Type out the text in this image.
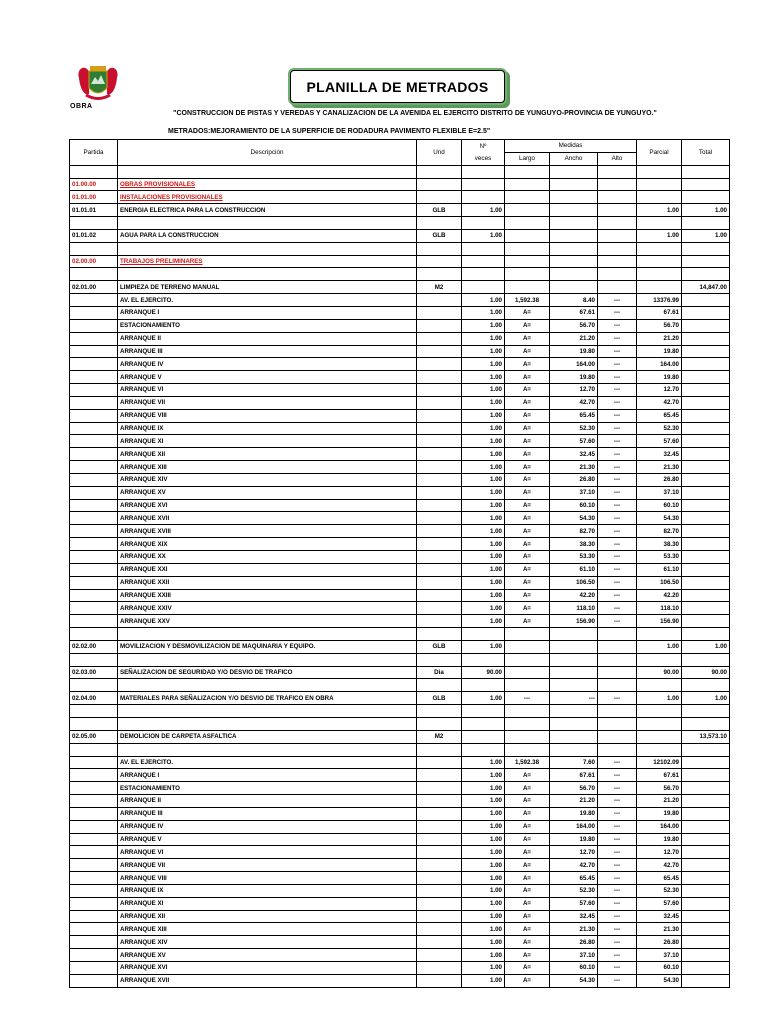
OBRA
PLANILLA DE METRADOS
"CONSTRUCCION DE PISTAS Y VEREDAS Y CANALIZACION DE LA AVENIDA EL EJERCITO DISTRITO DE YUNGUYO-PROVINCIA DE YUNGUYO."
METRADOS:MEJORAMIENTO DE LA SUPERFICIE DE RODADURA PAVIMENTO FLEXIBLE E=2.5"
Partida	Descripción	Und	Nº	Medidas			Parcial	Total
			veces	Largo	Ancho	Alto		

01.00.00	OBRAS PROVISIONALES							
01.01.00	INSTALACIONES PROVISIONALES							
01.01.01	ENERGIA ELECTRICA PARA LA CONSTRUCCION	GLB	1.00				1.00	1.00

01.01.02	AGUA PARA LA CONSTRUCCION	GLB	1.00				1.00	1.00

02.00.00	TRABAJOS PRELIMINARES							

02.01.00	LIMPIEZA DE TERRENO MANUAL	M2						14,847.00
	AV. EL EJERCITO.		1.00	1,592.38	8.40	---	13376.99	
	ARRANQUE I		1.00	A=	67.61	---	67.61	
	ESTACIONAMIENTO		1.00	A=	56.70	---	56.70	
	ARRANQUE II		1.00	A=	21.20	---	21.20	
	ARRANQUE III		1.00	A=	19.80	---	19.80	
	ARRANQUE IV		1.00	A=	164.00	---	164.00	
	ARRANQUE V		1.00	A=	19.80	---	19.80	
	ARRANQUE VI		1.00	A=	12.70	---	12.70	
	ARRANQUE VII		1.00	A=	42.70	---	42.70	
	ARRANQUE VIII		1.00	A=	65.45	---	65.45	
	ARRANQUE IX		1.00	A=	52.30	---	52.30	
	ARRANQUE XI		1.00	A=	57.60	---	57.60	
	ARRANQUE XII		1.00	A=	32.45	---	32.45	
	ARRANQUE XIII		1.00	A=	21.30	---	21.30	
	ARRANQUE XIV		1.00	A=	26.80	---	26.80	
	ARRANQUE XV		1.00	A=	37.10	---	37.10	
	ARRANQUE XVI		1.00	A=	60.10	---	60.10	
	ARRANQUE XVII		1.00	A=	54.30	---	54.30	
	ARRANQUE XVIII		1.00	A=	82.70	---	82.70	
	ARRANQUE XIX		1.00	A=	38.30	---	38.30	
	ARRANQUE XX		1.00	A=	53.30	---	53.30	
	ARRANQUE XXI		1.00	A=	61.10	---	61.10	
	ARRANQUE XXII		1.00	A=	106.50	---	106.50	
	ARRANQUE XXIII		1.00	A=	42.20	---	42.20	
	ARRANQUE XXIV		1.00	A=	118.10	---	118.10	
	ARRANQUE XXV		1.00	A=	156.90	---	156.90	

02.02.00	MOVILIZACION Y DESMOVILIZACION DE MAQUINARIA Y EQUIPO.	GLB	1.00				1.00	1.00

02.03.00	SEÑALIZACION DE SEGURIDAD Y/O DESVIO DE TRAFICO	Dia	90.00				90.00	90.00

02.04.00	MATERIALES PARA SEÑALIZACION Y/O DESVIO DE TRAFICO EN OBRA	GLB	1.00	---	---	---	1.00	1.00

02.05.00	DEMOLICION DE CARPETA ASFALTICA	M2						13,573.10

	AV. EL EJERCITO.		1.00	1,592.38	7.60	---	12102.09	
	ARRANQUE I		1.00	A=	67.61	---	67.61	
	ESTACIONAMIENTO		1.00	A=	56.70	---	56.70	
	ARRANQUE II		1.00	A=	21.20	---	21.20	
	ARRANQUE III		1.00	A=	19.80	---	19.80	
	ARRANQUE IV		1.00	A=	164.00	---	164.00	
	ARRANQUE V		1.00	A=	19.80	---	19.80	
	ARRANQUE VI		1.00	A=	12.70	---	12.70	
	ARRANQUE VII		1.00	A=	42.70	---	42.70	
	ARRANQUE VIII		1.00	A=	65.45	---	65.45	
	ARRANQUE IX		1.00	A=	52.30	---	52.30	
	ARRANQUE XI		1.00	A=	57.60	---	57.60	
	ARRANQUE XII		1.00	A=	32.45	---	32.45	
	ARRANQUE XIII		1.00	A=	21.30	---	21.30	
	ARRANQUE XIV		1.00	A=	26.80	---	26.80	
	ARRANQUE XV		1.00	A=	37.10	---	37.10	
	ARRANQUE XVI		1.00	A=	60.10	---	60.10	
	ARRANQUE XVII		1.00	A=	54.30	---	54.30	
